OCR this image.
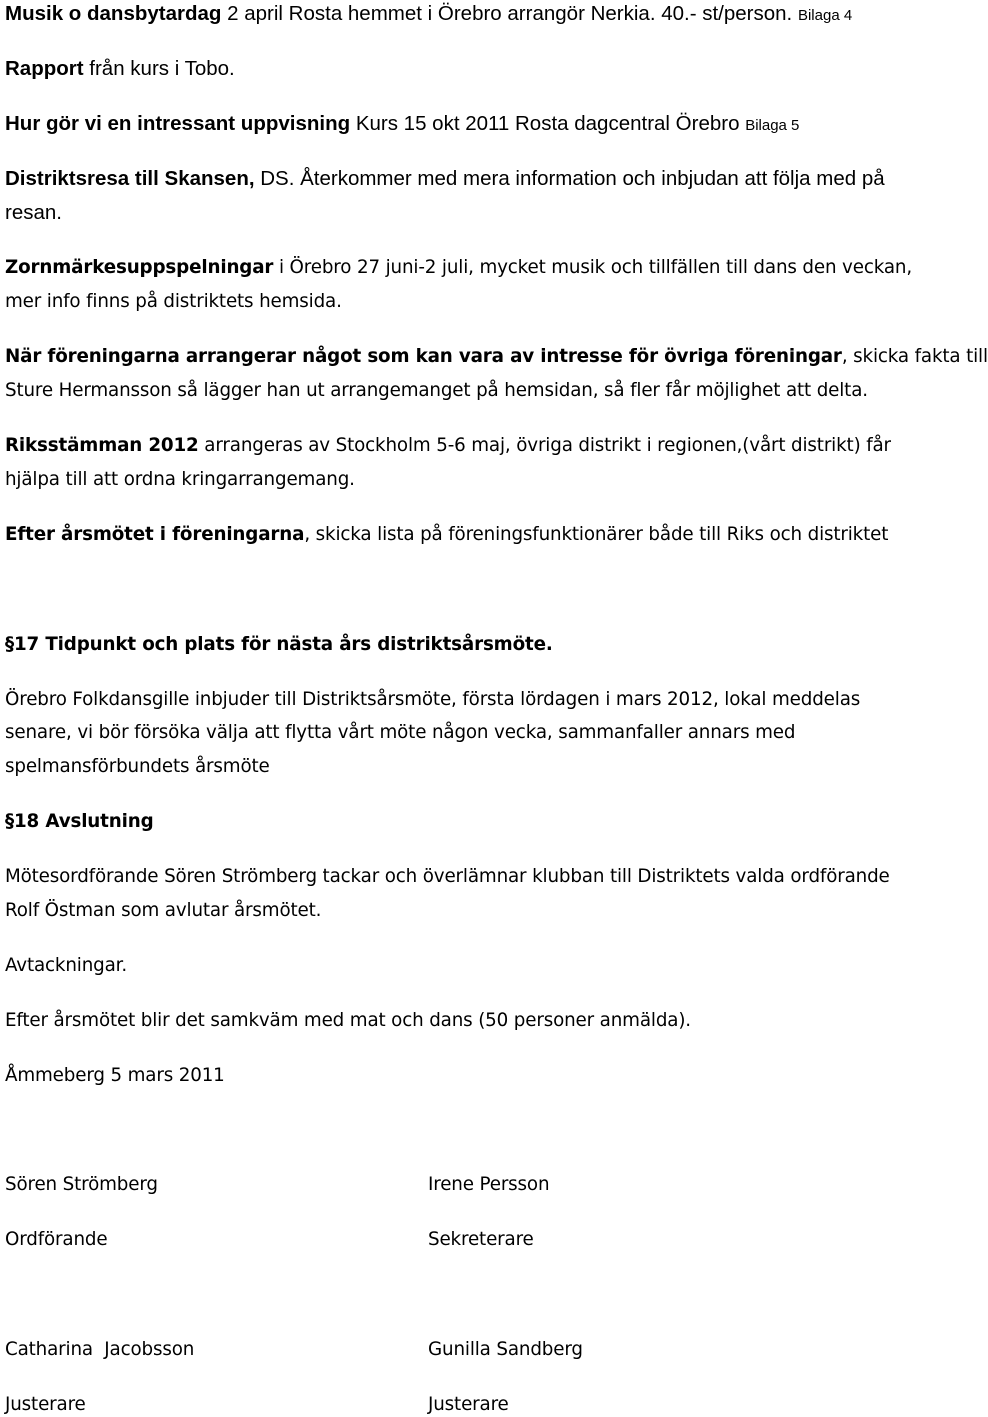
Musik o dansbytardag 2 april Rosta hemmet i Örebro arrangör Nerkia. 40.- st/person. Bilaga 4
Rapport från kurs i Tobo.
Hur gör vi en intressant uppvisning Kurs 15 okt 2011 Rosta dagcentral Örebro Bilaga 5
Distriktsresa till Skansen, DS. Återkommer med mera information och inbjudan att följa med på
resan.
Zornmärkesuppspelningar i Örebro 27 juni-2 juli, mycket musik och tillfällen till dans den veckan,
mer info finns på distriktets hemsida.
När föreningarna arrangerar något som kan vara av intresse för övriga föreningar, skicka fakta till
Sture Hermansson så lägger han ut arrangemanget på hemsidan, så fler får möjlighet att delta.
Riksstämman 2012 arrangeras av Stockholm 5-6 maj, övriga distrikt i regionen,(vårt distrikt) får
hjälpa till att ordna kringarrangemang.
Efter årsmötet i föreningarna, skicka lista på föreningsfunktionärer både till Riks och distriktet
§17 Tidpunkt och plats för nästa års distriktsårsmöte.
Örebro Folkdansgille inbjuder till Distriktsårsmöte, första lördagen i mars 2012, lokal meddelas
senare, vi bör försöka välja att flytta vårt möte någon vecka, sammanfaller annars med
spelmansförbundets årsmöte
§18 Avslutning
Mötesordförande Sören Strömberg tackar och överlämnar klubban till Distriktets valda ordförande
Rolf Östman som avlutar årsmötet.
Avtackningar.
Efter årsmötet blir det samkväm med mat och dans (50 personer anmälda).
Åmmeberg 5 mars 2011
Sören Strömberg
Ordförande
Irene Persson
Sekreterare
Catharina  Jacobsson
Justerare
Gunilla Sandberg
Justerare
